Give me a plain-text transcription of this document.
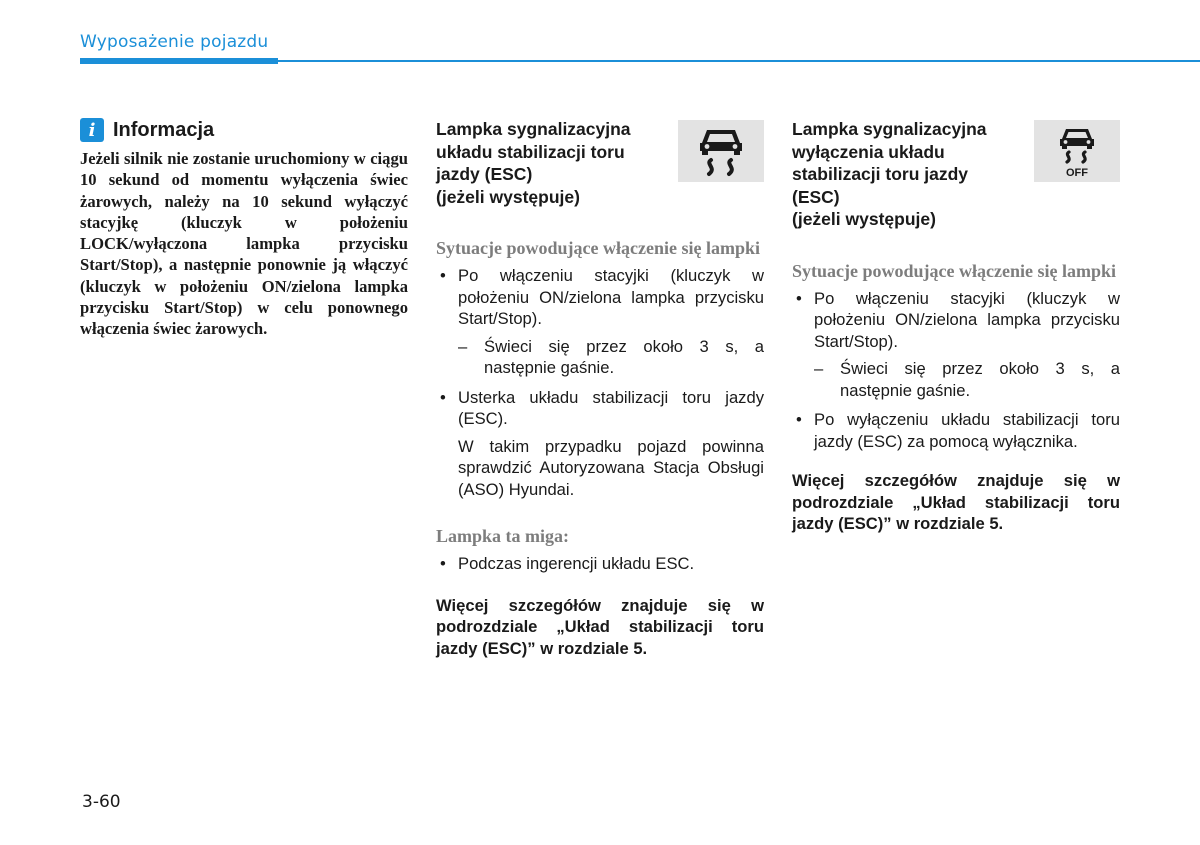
Wyposażenie pojazdu
i Informacja

Jeżeli silnik nie zostanie uruchomiony w ciągu 10 sekund od momentu wyłączenia świec żarowych, należy na 10 sekund wyłączyć stacyjkę (kluczyk w położeniu LOCK/wyłączona lampka przycisku Start/Stop), a następnie ponownie ją włączyć (kluczyk w położeniu ON/zielona lampka przycisku Start/Stop) w celu ponownego włączenia świec żarowych.

Lampka sygnalizacyjna
układu stabilizacji toru
jazdy (ESC)
(jeżeli występuje)

Sytuacje powodujące włączenie się lampki

• Po włączeniu stacyjki (kluczyk w położeniu ON/zielona lampka przycisku Start/Stop).
– Świeci się przez około 3 s, a następnie gaśnie.
• Usterka układu stabilizacji toru jazdy (ESC).

W takim przypadku pojazd powinna sprawdzić Autoryzowana Stacja Obsługi (ASO) Hyundai.

Lampka ta miga:

• Podczas ingerencji układu ESC.

Więcej szczegółów znajduje się w podrozdziale „Układ stabilizacji toru jazdy (ESC)” w rozdziale 5.

Lampka sygnalizacyjna
wyłączenia układu
stabilizacji toru jazdy (ESC)
(jeżeli występuje)
OFF

Sytuacje powodujące włączenie się lampki

• Po włączeniu stacyjki (kluczyk w położeniu ON/zielona lampka przycisku Start/Stop).
– Świeci się przez około 3 s, a następnie gaśnie.
• Po wyłączeniu układu stabilizacji toru jazdy (ESC) za pomocą wyłącznika.

Więcej szczegółów znajduje się w podrozdziale „Układ stabilizacji toru jazdy (ESC)” w rozdziale 5.

3-60
